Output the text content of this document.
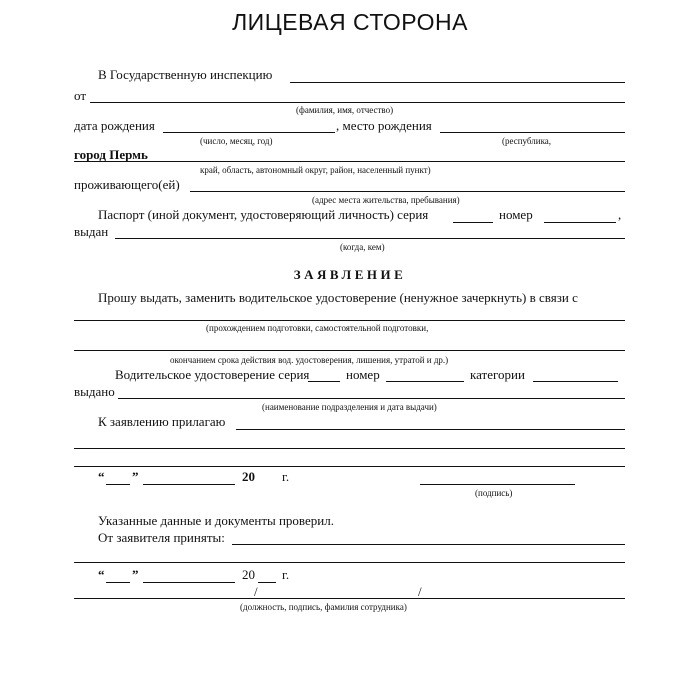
ЛИЦЕВАЯ СТОРОНА
В Государственную инспекцию
от
(фамилия, имя, отчество)
дата рождения	, место рождения
(число, месяц, год)	(республика,
город Пермь
край, область, автономный округ, район, населенный пункт)
проживающего(ей)
(адрес места жительства, пребывания)
Паспорт (иной документ, удостоверяющий личность) серия	номер	,
выдан
(когда, кем)
ЗАЯВЛЕНИЕ
Прошу выдать, заменить водительское удостоверение (ненужное зачеркнуть) в связи с
(прохождением подготовки, самостоятельной подготовки,
окончанием срока действия вод. удостоверения, лишения, утратой и др.)
Водительское удостоверение серия	номер	категории
выдано
(наименование подразделения и дата выдачи)
К заявлению прилагаю
“ ”	20 г.
(подпись)
Указанные данные и документы проверил.
От заявителя приняты:
“ ”	20 г.
/	/
(должность, подпись, фамилия сотрудника)
